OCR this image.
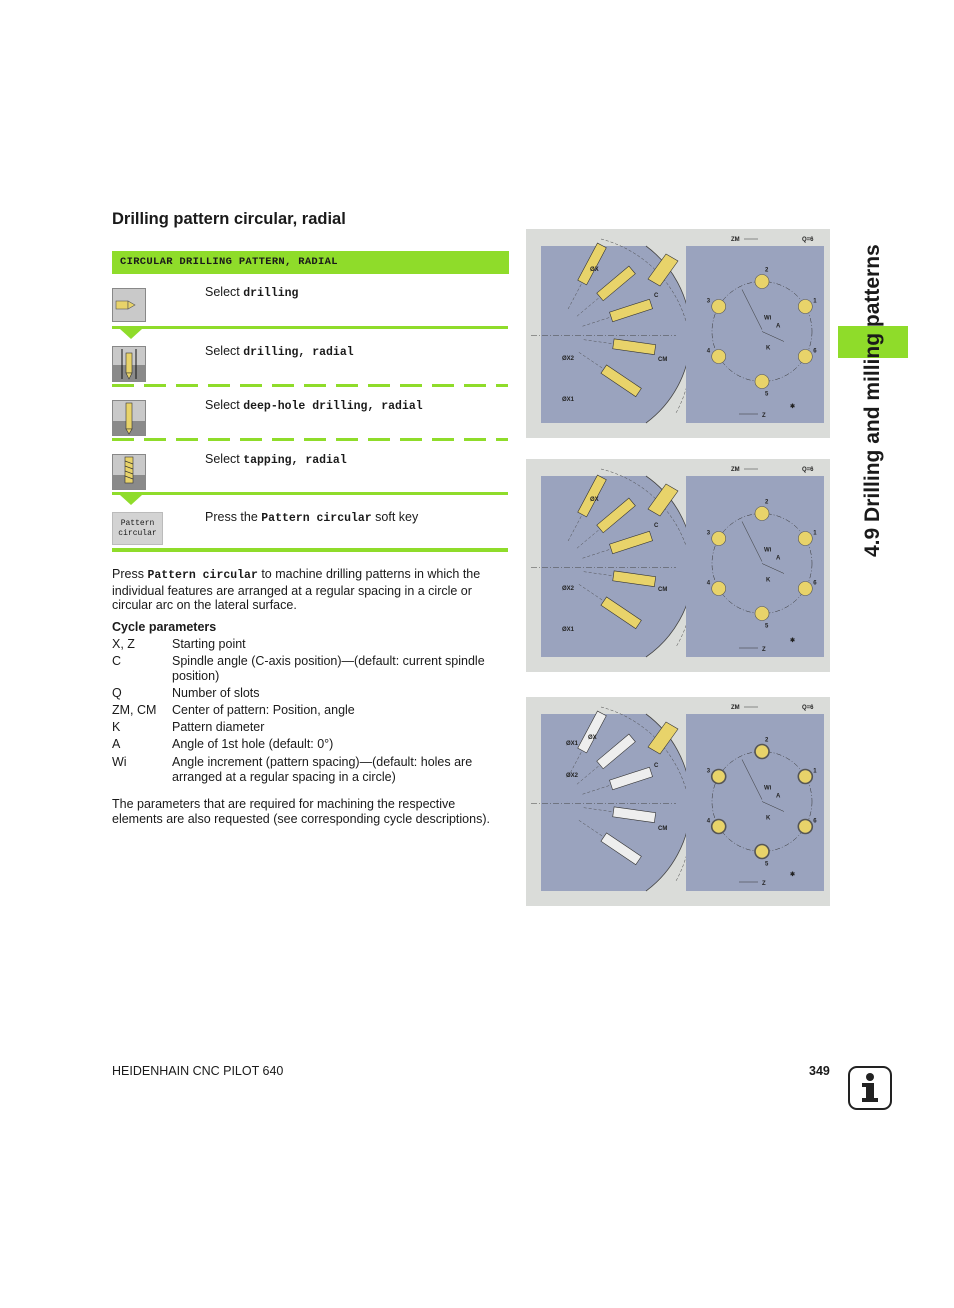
Drilling pattern circular, radial
CIRCULAR DRILLING PATTERN, RADIAL
Select drilling
Select drilling, radial
Select deep-hole drilling, radial
Select tapping, radial
Pattern
circular
Press the Pattern circular soft key
Press Pattern circular to machine drilling patterns in which the individual features are arranged at a regular spacing in a circle or circular arc on the lateral surface.
Cycle parameters
X, Z	Starting point
C	Spindle angle (C-axis position)—(default: current spindle position)
Q	Number of slots
ZM, CM Center of pattern: Position, angle
K	Pattern diameter
A	Angle of 1st hole (default: 0°)
Wi	Angle increment (pattern spacing)—(default: holes are arranged at a regular spacing in a circle)
The parameters that are required for machining the respective elements are also requested (see corresponding cycle descriptions).
ØX
ØX2
ØX1
C
CM
1
2
3
4
5
6
Wi
A
K
ZM	Q=6
Z
✱
ØX
ØX2
ØX1
C
CM
1
2
3
4
5
6
Wi
A
K
ZM	Q=6
Z
✱
ØX1
ØX
ØX2
C
CM
1
2
3
4
5
6
Wi
A
K
ZM	Q=6
Z
✱
4.9 Drilling and milling patterns
HEIDENHAIN CNC PILOT 640	349
